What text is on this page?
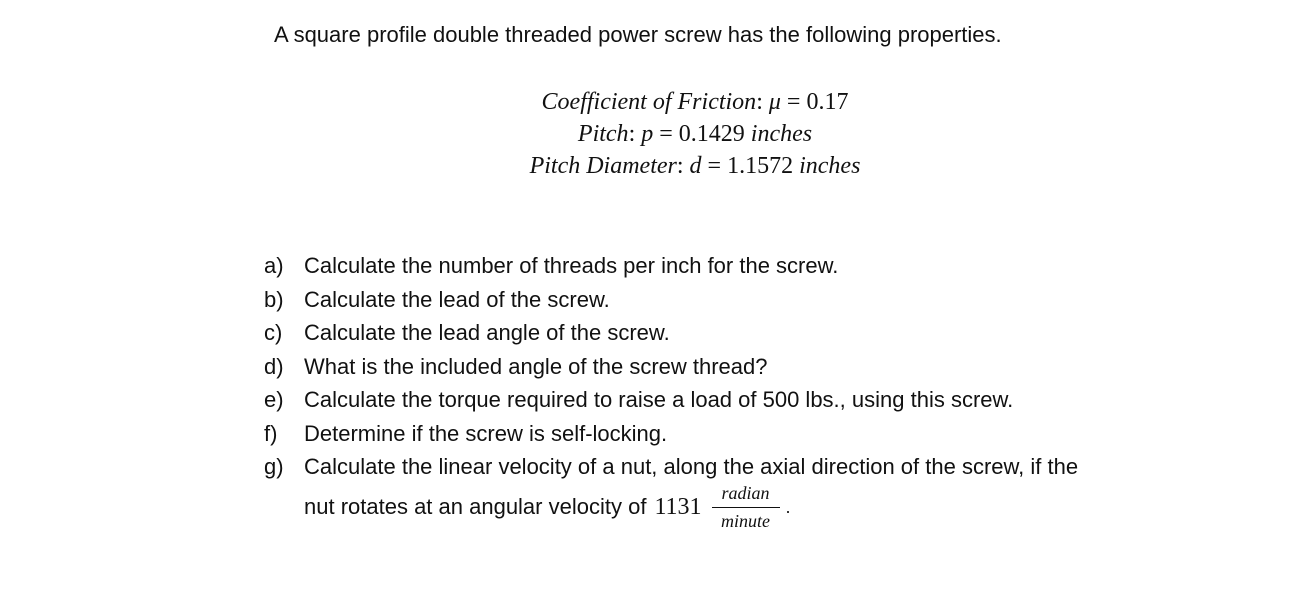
A square profile double threaded power screw has the following properties.
Coefficient of Friction: μ = 0.17
Pitch: p = 0.1429 inches
Pitch Diameter: d = 1.1572 inches
a) Calculate the number of threads per inch for the screw.
b) Calculate the lead of the screw.
c) Calculate the lead angle of the screw.
d) What is the included angle of the screw thread?
e) Calculate the torque required to raise a load of 500 lbs., using this screw.
f) Determine if the screw is self-locking.
g) Calculate the linear velocity of a nut, along the axial direction of the screw, if the
nut rotates at an angular velocity of $1131 \frac{\text{radian}}{\text{minute}}$ .
